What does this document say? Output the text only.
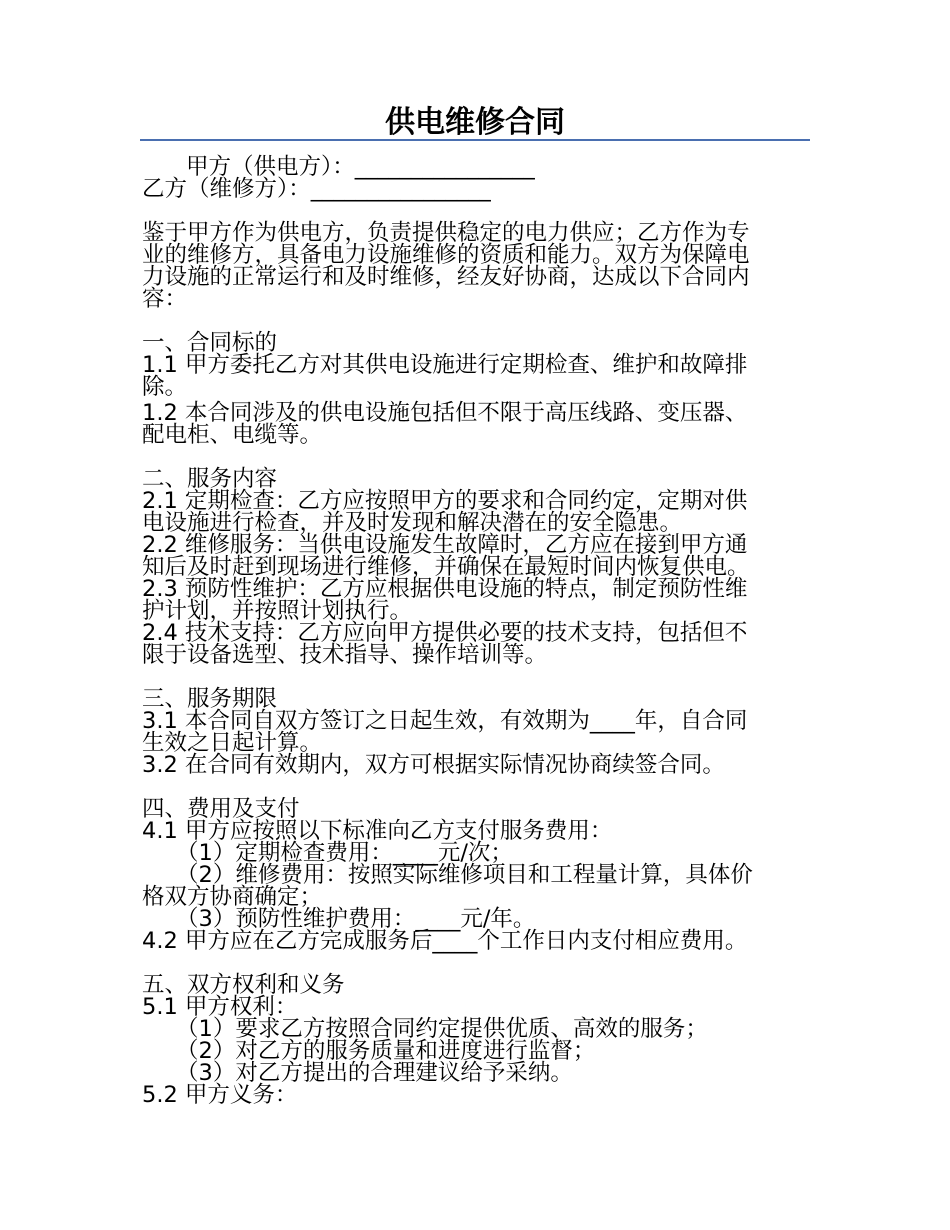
供电维修合同
甲方（供电方）：________________
乙方（维修方）：________________
鉴于甲方作为供电方，负责提供稳定的电力供应；乙方作为专
业的维修方，具备电力设施维修的资质和能力。双方为保障电
力设施的正常运行和及时维修，经友好协商，达成以下合同内
容：
一、合同标的
1.1 甲方委托乙方对其供电设施进行定期检查、维护和故障排
除。
1.2 本合同涉及的供电设施包括但不限于高压线路、变压器、
配电柜、电缆等。
二、服务内容
2.1 定期检查：乙方应按照甲方的要求和合同约定，定期对供
电设施进行检查，并及时发现和解决潜在的安全隐患。
2.2 维修服务：当供电设施发生故障时，乙方应在接到甲方通
知后及时赶到现场进行维修，并确保在最短时间内恢复供电。
2.3 预防性维护：乙方应根据供电设施的特点，制定预防性维
护计划，并按照计划执行。
2.4 技术支持：乙方应向甲方提供必要的技术支持，包括但不
限于设备选型、技术指导、操作培训等。
三、服务期限
3.1 本合同自双方签订之日起生效，有效期为____年，自合同
生效之日起计算。
3.2 在合同有效期内，双方可根据实际情况协商续签合同。
四、费用及支付
4.1 甲方应按照以下标准向乙方支付服务费用：
（1）定期检查费用：____元/次；
（2）维修费用：按照实际维修项目和工程量计算，具体价
格双方协商确定；
（3）预防性维护费用：____元/年。
4.2 甲方应在乙方完成服务后____个工作日内支付相应费用。
五、双方权利和义务
5.1 甲方权利：
（1）要求乙方按照合同约定提供优质、高效的服务；
（2）对乙方的服务质量和进度进行监督；
（3）对乙方提出的合理建议给予采纳。
5.2 甲方义务：
